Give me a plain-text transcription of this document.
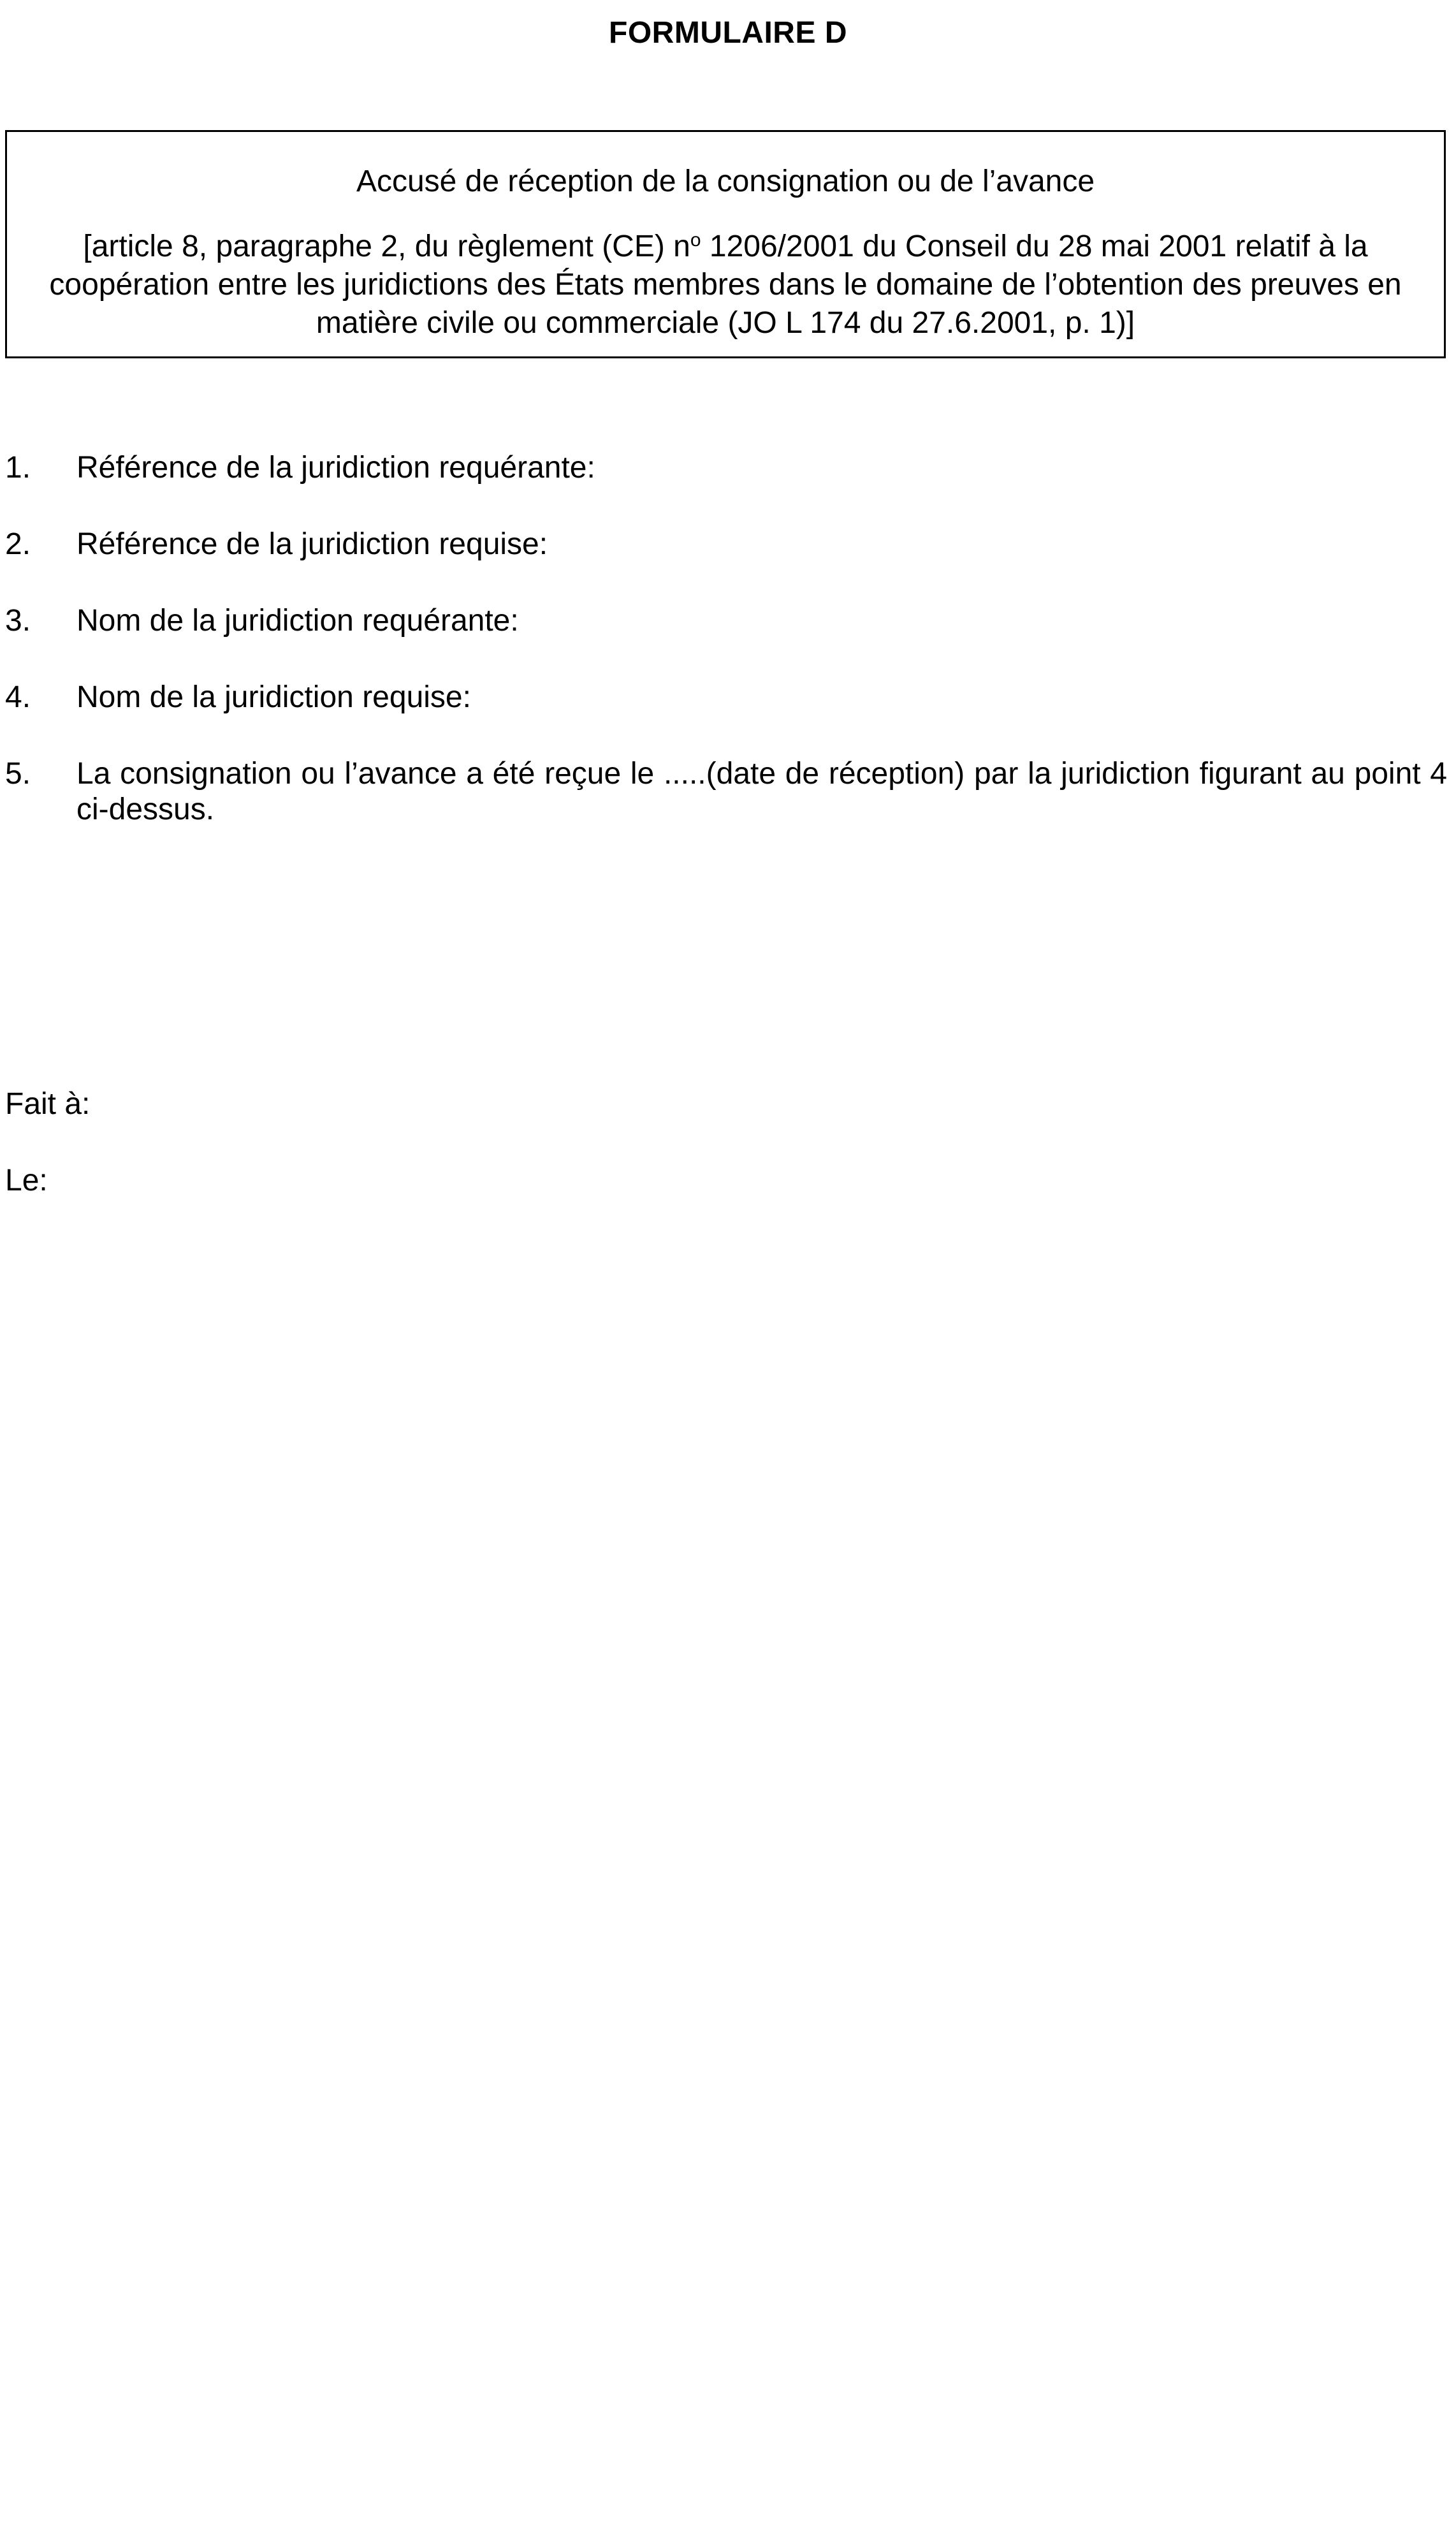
FORMULAIRE D
Accusé de réception de la consignation ou de l’avance
[article 8, paragraphe 2, du règlement (CE) $n^o$ 1206/2001 du Conseil du 28 mai 2001 relatif à la coopération entre les juridictions des États membres dans le domaine de l’obtention des preuves en matière civile ou commerciale (JO L 174 du 27.6.2001, p. 1)]
1.	Référence de la juridiction requérante:
2.	Référence de la juridiction requise:
3.	Nom de la juridiction requérante:
4.	Nom de la juridiction requise:
5.	La consignation ou l’avance a été reçue le .....(date de réception) par la juridiction figurant au point 4 ci-dessus.
Fait à:
Le:
